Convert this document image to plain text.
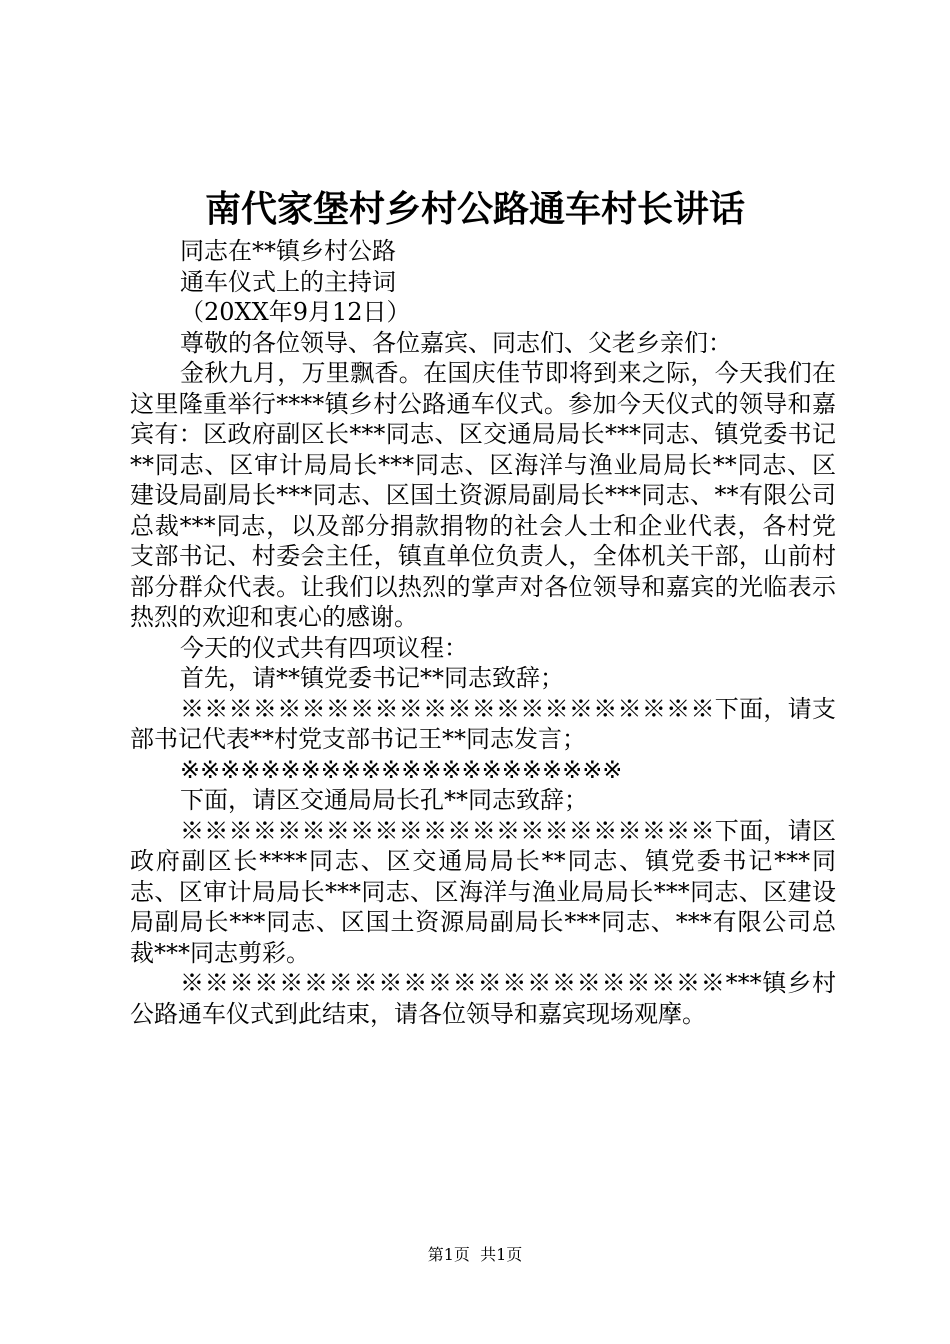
南代家堡村乡村公路通车村长讲话

同志在**镇乡村公路

通车仪式上的主持词

（20XX年9月12日）

尊敬的各位领导、各位嘉宾、同志们、父老乡亲们：

金秋九月，万里飘香。在国庆佳节即将到来之际，今天我们在这里隆重举行****镇乡村公路通车仪式。参加今天仪式的领导和嘉宾有：区政府副区长***同志、区交通局局长***同志、镇党委书记**同志、区审计局局长***同志、区海洋与渔业局局长**同志、区建设局副局长***同志、区国土资源局副局长***同志、**有限公司总裁***同志，以及部分捐款捐物的社会人士和企业代表，各村党支部书记、村委会主任，镇直单位负责人，全体机关干部，山前村部分群众代表。让我们以热烈的掌声对各位领导和嘉宾的光临表示热烈的欢迎和衷心的感谢。

今天的仪式共有四项议程：

首先，请**镇党委书记**同志致辞；

※※※※※※※※※※※※※※※※※※※※※※下面，请支部书记代表**村党支部书记王**同志发言；

※※※※※※※※※※※※※※※※※※※※※※

下面，请区交通局局长孔**同志致辞；

※※※※※※※※※※※※※※※※※※※※※※下面，请区政府副区长****同志、区交通局局长**同志、镇党委书记***同志、区审计局局长***同志、区海洋与渔业局局长***同志、区建设局副局长***同志、区国土资源局副局长***同志、***有限公司总裁***同志剪彩。

※※※※※※※※※※※※※※※※※※※※※※***镇乡村公路通车仪式到此结束，请各位领导和嘉宾现场观摩。

第1页 共1页
